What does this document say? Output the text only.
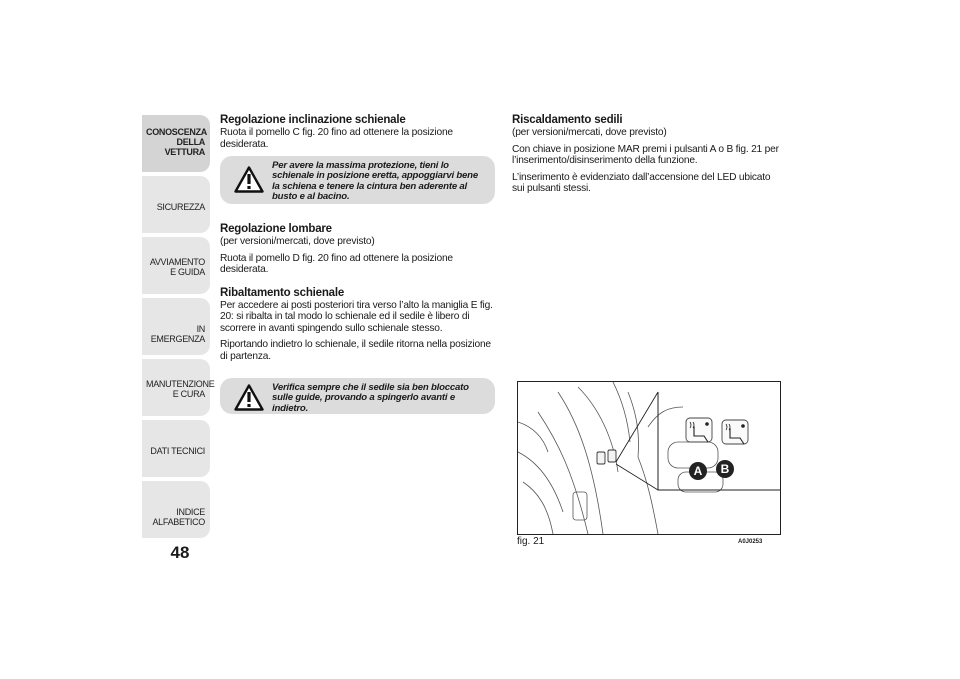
CONOSCENZA DELLA VETTURA
SICUREZZA
AVVIAMENTO E GUIDA
IN EMERGENZA
MANUTENZIONE E CURA
DATI TECNICI
INDICE ALFABETICO
48
Regolazione inclinazione schienale

Ruota il pomello C fig. 20 fino ad ottenere la posizione desiderata.

Per avere la massima protezione, tieni lo schienale in posizione eretta, appoggiarvi bene la schiena e tenere la cintura ben aderente al busto e al bacino.
Regolazione lombare
(per versioni/mercati, dove previsto)

Ruota il pomello D fig. 20 fino ad ottenere la posizione desiderata.

Ribaltamento schienale

Per accedere ai posti posteriori tira verso l’alto la maniglia E fig. 20: si ribalta in tal modo lo schienale ed il sedile è libero di scorrere in avanti spingendo sullo schienale stesso.

Riportando indietro lo schienale, il sedile ritorna nella posizione di partenza.

Verifica sempre che il sedile sia ben bloccato sulle guide, provando a spingerlo avanti e indietro.
Riscaldamento sedili
(per versioni/mercati, dove previsto)

Con chiave in posizione MAR premi i pulsanti A o B fig. 21 per l’inserimento/disinserimento della funzione.

L’inserimento è evidenziato dall’accensione del LED ubicato sui pulsanti stessi.

A B
fig. 21	A0J0253
